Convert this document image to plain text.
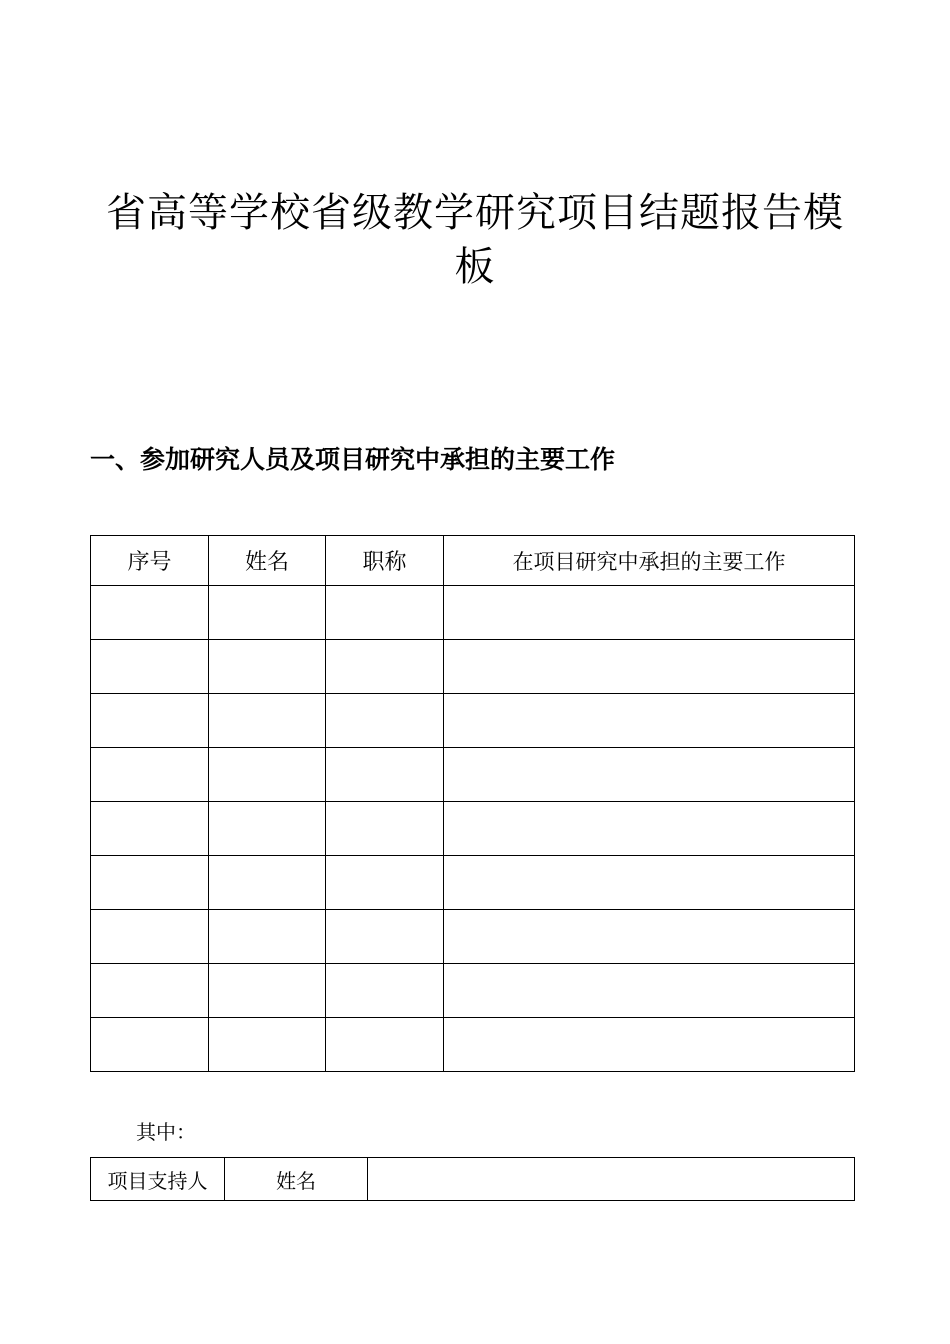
省高等学校省级教学研究项目结题报告模
板
一、参加研究人员及项目研究中承担的主要工作
序号	姓名	职称	在项目研究中承担的主要工作

其中：
项目支持人	姓名	
